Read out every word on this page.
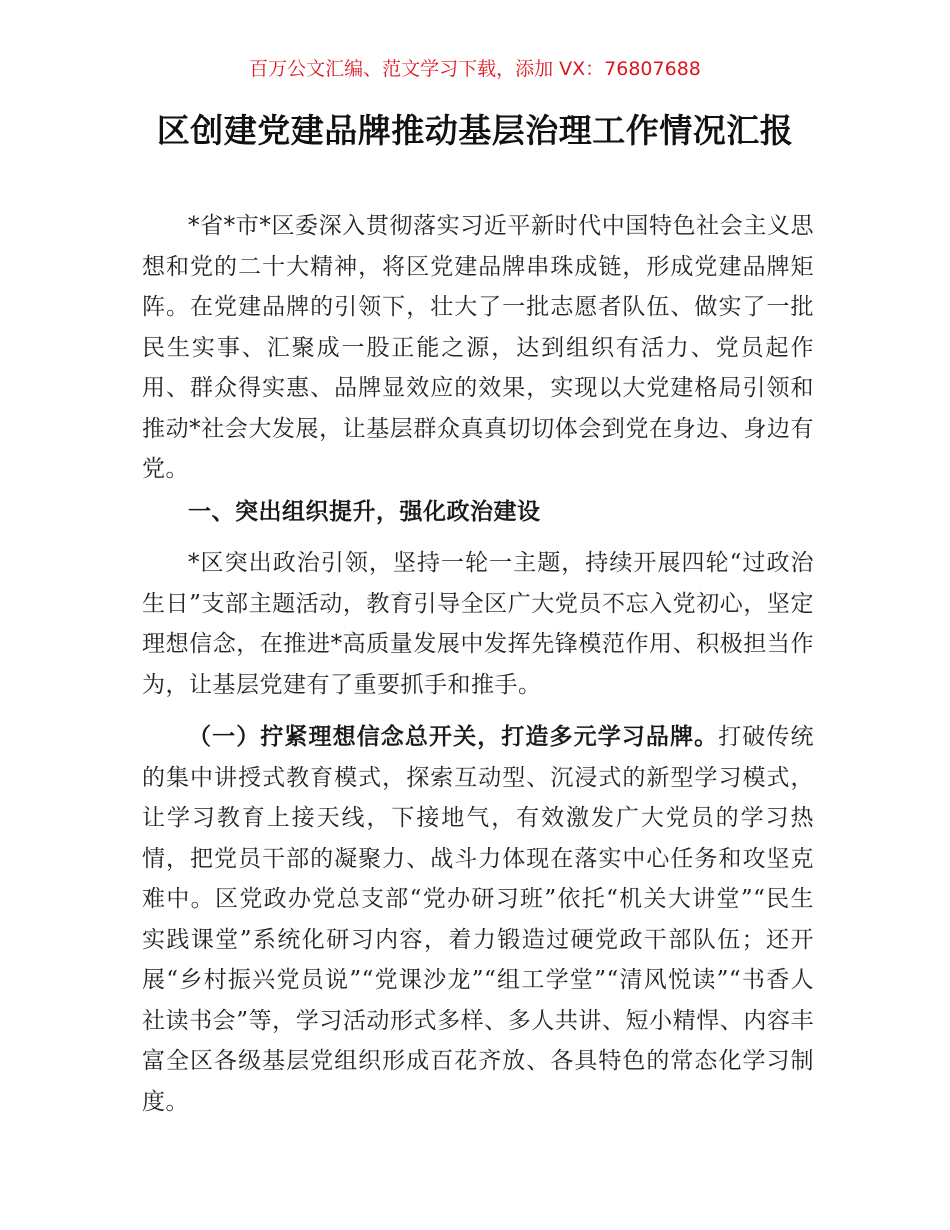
百万公文汇编、范文学习下载，添加 VX：76807688
区创建党建品牌推动基层治理工作情况汇报

*省*市*区委深入贯彻落实习近平新时代中国特色社会主义思想和党的二十大精神，将区党建品牌串珠成链，形成党建品牌矩阵。在党建品牌的引领下，壮大了一批志愿者队伍、做实了一批民生实事、汇聚成一股正能之源，达到组织有活力、党员起作用、群众得实惠、品牌显效应的效果，实现以大党建格局引领和推动*社会大发展，让基层群众真真切切体会到党在身边、身边有党。

一、突出组织提升，强化政治建设

*区突出政治引领，坚持一轮一主题，持续开展四轮“过政治生日”支部主题活动，教育引导全区广大党员不忘入党初心，坚定理想信念，在推进*高质量发展中发挥先锋模范作用、积极担当作为，让基层党建有了重要抓手和推手。

（一）拧紧理想信念总开关，打造多元学习品牌。打破传统的集中讲授式教育模式，探索互动型、沉浸式的新型学习模式，让学习教育上接天线，下接地气，有效激发广大党员的学习热情，把党员干部的凝聚力、战斗力体现在落实中心任务和攻坚克难中。区党政办党总支部“党办研习班”依托“机关大讲堂”“民生实践课堂”系统化研习内容，着力锻造过硬党政干部队伍；还开展“乡村振兴党员说”“党课沙龙”“组工学堂”“清风悦读”“书香人社读书会”等，学习活动形式多样、多人共讲、短小精悍、内容丰富全区各级基层党组织形成百花齐放、各具特色的常态化学习制度。
